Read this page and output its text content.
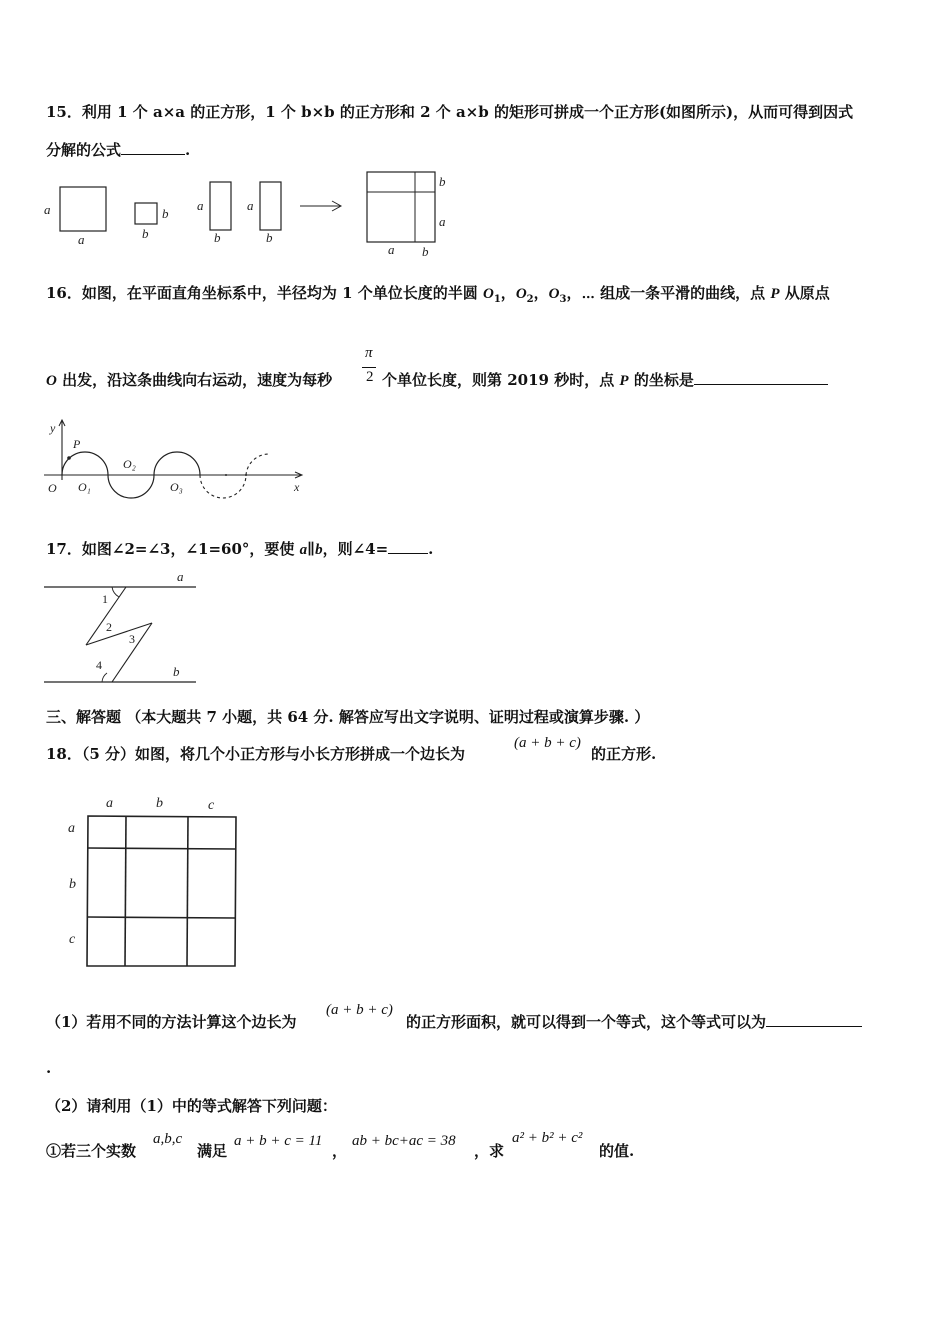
15．利用 1 个 a×a 的正方形，1 个 b×b 的正方形和 2 个 a×b 的矩形可拼成一个正方形(如图所示)，从而可得到因式
分解的公式	.
a
a
b
b
a
b
a
b
b
a
a b
16．如图，在平面直角坐标系中，半径均为 1 个单位长度的半圆 $O_1$，$O_2$，$O_3$，⋯ 组成一条平滑的曲线，点 P 从原点
π
2
O 出发，沿这条曲线向右运动，速度为每秒	个单位长度，则第 2019 秒时，点 P 的坐标是
y
x
O
P
O₁
O₂
O₃
17．如图∠2=∠3，∠1=60°，要使 a∥b，则∠4=	.
a
b
1
2
3
4
三、解答题 （本大题共 7 小题，共 64 分. 解答应写出文字说明、证明过程或演算步骤. ）
18．（5 分）如图，将几个小正方形与小长方形拼成一个边长为
(a + b + c)
的正方形.
a	b	c
a
b
c
（1）若用不同的方法计算这个边长为
(a + b + c)
的正方形面积，就可以得到一个等式，这个等式可以为
.
（2）请利用（1）中的等式解答下列问题：
①若三个实数
a,b,c
满足
a + b + c = 11
，
ab + bc+ac = 38
，求
a² + b² + c²
的值.
